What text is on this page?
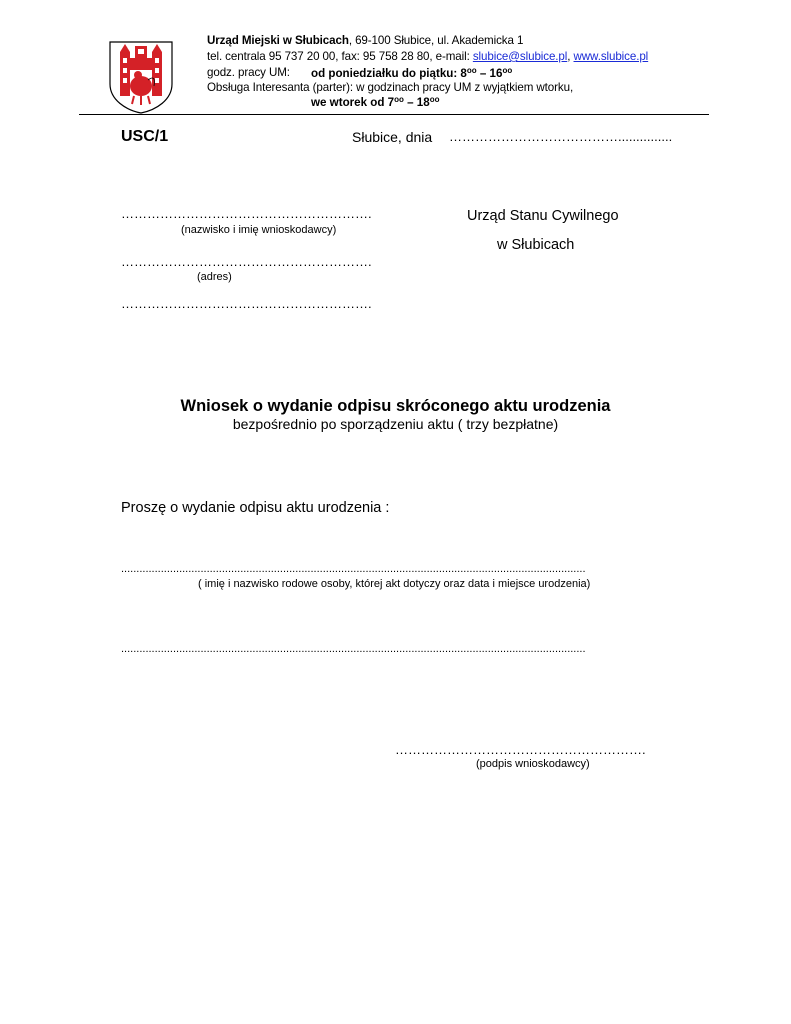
Urząd Miejski w Słubicach, 69-100 Słubice, ul. Akademicka 1
tel. centrala 95 737 20 00, fax: 95 758 28 80, e-mail: slubice@slubice.pl, www.slubice.pl
godz. pracy UM: od poniedziałku do piątku: $8^{oo} - 16^{oo}$
Obsługa Interesanta (parter): w godzinach pracy UM z wyjątkiem wtorku,
we wtorek od $7^{oo} - 18^{oo}$
USC/1	Słubice, dnia …………………………………...............
………………………………………………….
(nazwisko i imię wnioskodawcy)
………………………………………………….
(adres)
………………………………………………….
Urząd Stanu Cywilnego
w Słubicach
Wniosek o wydanie odpisu skróconego aktu urodzenia
bezpośrednio po sporządzeniu aktu ( trzy bezpłatne)
Proszę o wydanie odpisu aktu urodzenia :
........................................................................................................................................................
( imię i nazwisko rodowe osoby, której akt dotyczy oraz data i miejsce urodzenia)
........................................................................................................................................................
………………………………………………….
(podpis wnioskodawcy)
